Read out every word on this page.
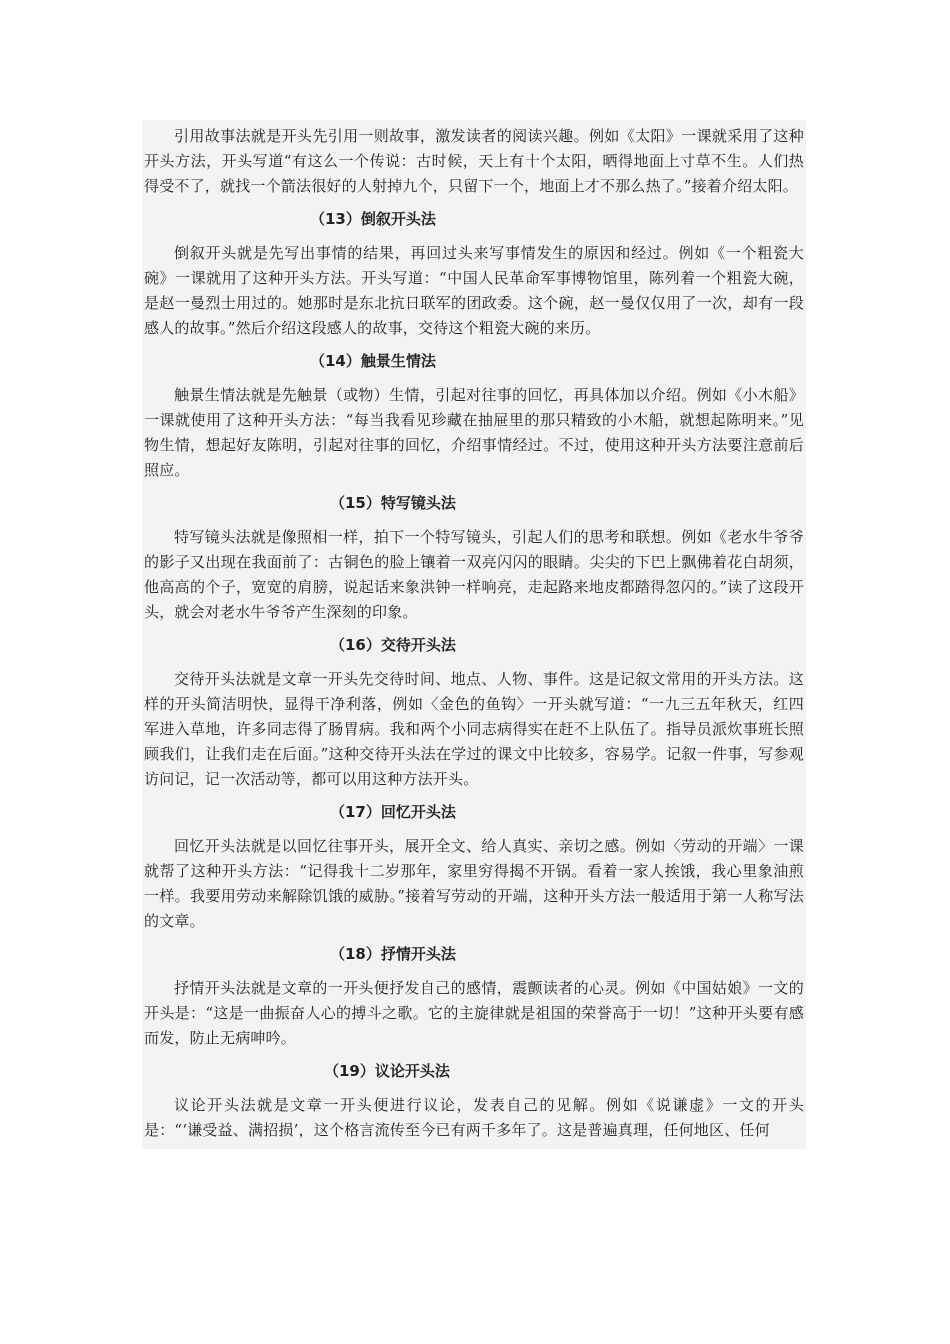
引用故事法就是开头先引用一则故事，激发读者的阅读兴趣。例如《太阳》一课就采用了这种开头方法，开头写道“有这么一个传说：古时候，天上有十个太阳，晒得地面上寸草不生。人们热得受不了，就找一个箭法很好的人射掉九个，只留下一个，地面上才不那么热了。”接着介绍太阳。

（13）倒叙开头法

倒叙开头就是先写出事情的结果，再回过头来写事情发生的原因和经过。例如《一个粗瓷大碗》一课就用了这种开头方法。开头写道：“中国人民革命军事博物馆里，陈列着一个粗瓷大碗，是赵一曼烈士用过的。她那时是东北抗日联军的团政委。这个碗，赵一曼仅仅用了一次，却有一段感人的故事。”然后介绍这段感人的故事，交待这个粗瓷大碗的来历。

（14）触景生情法

触景生情法就是先触景（或物）生情，引起对往事的回忆，再具体加以介绍。例如《小木船》一课就使用了这种开头方法：“每当我看见珍藏在抽屉里的那只精致的小木船，就想起陈明来。”见物生情，想起好友陈明，引起对往事的回忆，介绍事情经过。不过，使用这种开头方法要注意前后照应。

（15）特写镜头法

特写镜头法就是像照相一样，拍下一个特写镜头，引起人们的思考和联想。例如《老水牛爷爷的影子又出现在我面前了：古铜色的脸上镶着一双亮闪闪的眼睛。尖尖的下巴上飘佛着花白胡须，他高高的个子，宽宽的肩膀，说起话来象洪钟一样响亮，走起路来地皮都踏得忽闪的。”读了这段开头，就会对老水牛爷爷产生深刻的印象。

（16）交待开头法

交待开头法就是文章一开头先交待时间、地点、人物、事件。这是记叙文常用的开头方法。这样的开头简洁明快，显得干净利落，例如〈金色的鱼钩〉一开头就写道：“一九三五年秋天，红四军进入草地，许多同志得了肠胃病。我和两个小同志病得实在赶不上队伍了。指导员派炊事班长照顾我们，让我们走在后面。”这种交待开头法在学过的课文中比较多，容易学。记叙一件事，写参观访问记，记一次活动等，都可以用这种方法开头。

（17）回忆开头法

回忆开头法就是以回忆往事开头，展开全文、给人真实、亲切之感。例如〈劳动的开端〉一课就帮了这种开头方法：“记得我十二岁那年，家里穷得揭不开锅。看着一家人挨饿，我心里象油煎一样。我要用劳动来解除饥饿的威胁。”接着写劳动的开端，这种开头方法一般适用于第一人称写法的文章。

（18）抒情开头法

抒情开头法就是文章的一开头便抒发自己的感情，震颤读者的心灵。例如《中国姑娘》一文的开头是：“这是一曲振奋人心的搏斗之歌。它的主旋律就是祖国的荣誉高于一切！”这种开头要有感而发，防止无病呻吟。

（19）议论开头法

议论开头法就是文章一开头便进行议论，发表自己的见解。例如《说谦虚》一文的开头是：“‘谦受益、满招损’，这个格言流传至今已有两千多年了。这是普遍真理，任何地区、任何
